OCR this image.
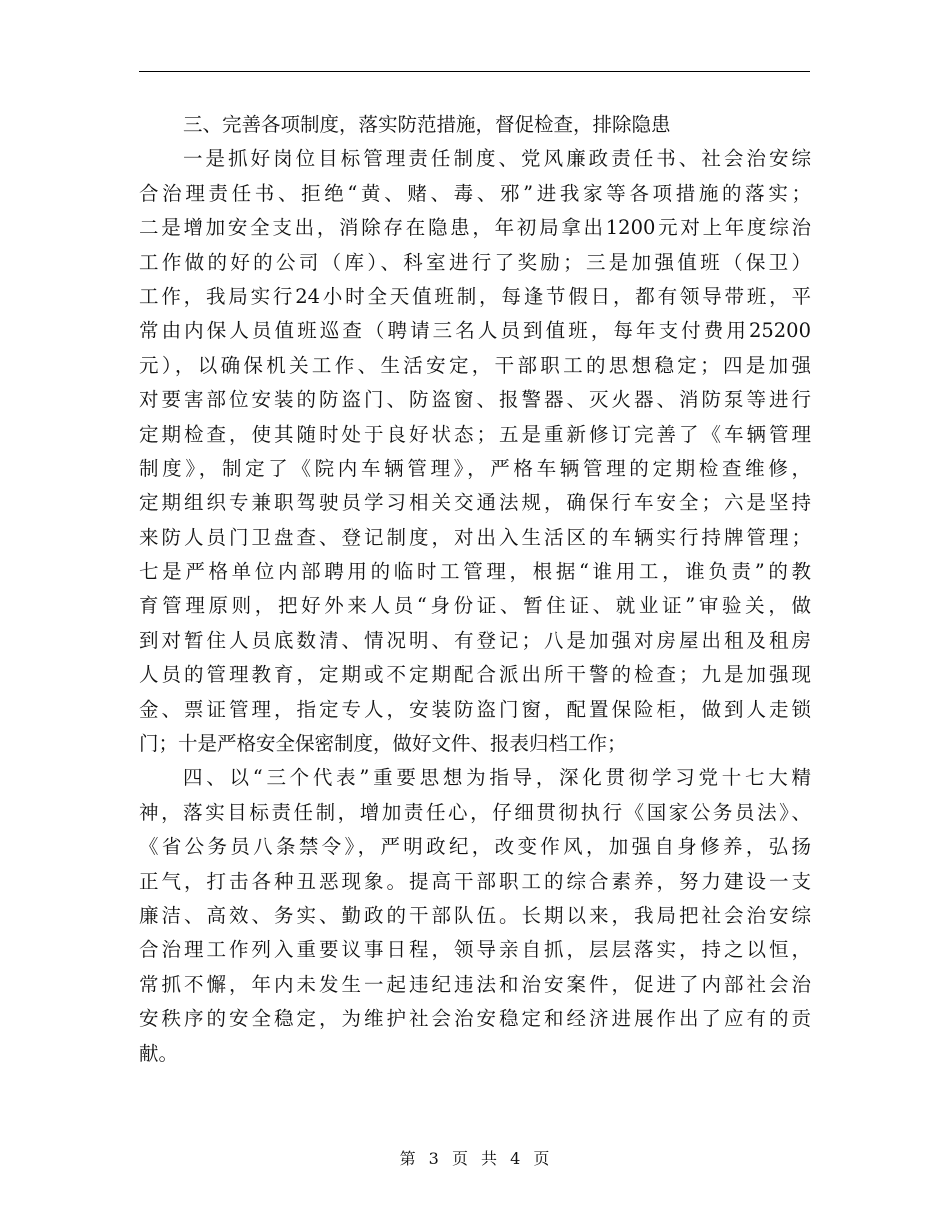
三、完善各项制度，落实防范措施，督促检查，排除隐患
一是抓好岗位目标管理责任制度、党风廉政责任书、社会治安综
合治理责任书、拒绝“黄、赌、毒、邪”进我家等各项措施的落实；
二是增加安全支出，消除存在隐患，年初局拿出1200元对上年度综治
工作做的好的公司（库）、科室进行了奖励；三是加强值班（保卫）
工作，我局实行24小时全天值班制，每逢节假日，都有领导带班，平
常由内保人员值班巡查（聘请三名人员到值班，每年支付费用25200
元），以确保机关工作、生活安定，干部职工的思想稳定；四是加强
对要害部位安装的防盗门、防盗窗、报警器、灭火器、消防泵等进行
定期检查，使其随时处于良好状态；五是重新修订完善了《车辆管理
制度》，制定了《院内车辆管理》，严格车辆管理的定期检查维修，
定期组织专兼职驾驶员学习相关交通法规，确保行车安全；六是坚持
来防人员门卫盘查、登记制度，对出入生活区的车辆实行持牌管理；
七是严格单位内部聘用的临时工管理，根据“谁用工，谁负责”的教
育管理原则，把好外来人员“身份证、暂住证、就业证”审验关，做
到对暂住人员底数清、情况明、有登记；八是加强对房屋出租及租房
人员的管理教育，定期或不定期配合派出所干警的检查；九是加强现
金、票证管理，指定专人，安装防盗门窗，配置保险柜，做到人走锁
门；十是严格安全保密制度，做好文件、报表归档工作；
四、以“三个代表”重要思想为指导，深化贯彻学习党十七大精
神，落实目标责任制，增加责任心，仔细贯彻执行《国家公务员法》、
《省公务员八条禁令》，严明政纪，改变作风，加强自身修养，弘扬
正气，打击各种丑恶现象。提高干部职工的综合素养，努力建设一支
廉洁、高效、务实、勤政的干部队伍。长期以来，我局把社会治安综
合治理工作列入重要议事日程，领导亲自抓，层层落实，持之以恒，
常抓不懈，年内未发生一起违纪违法和治安案件，促进了内部社会治
安秩序的安全稳定，为维护社会治安稳定和经济进展作出了应有的贡
献。
第 3 页 共 4 页
